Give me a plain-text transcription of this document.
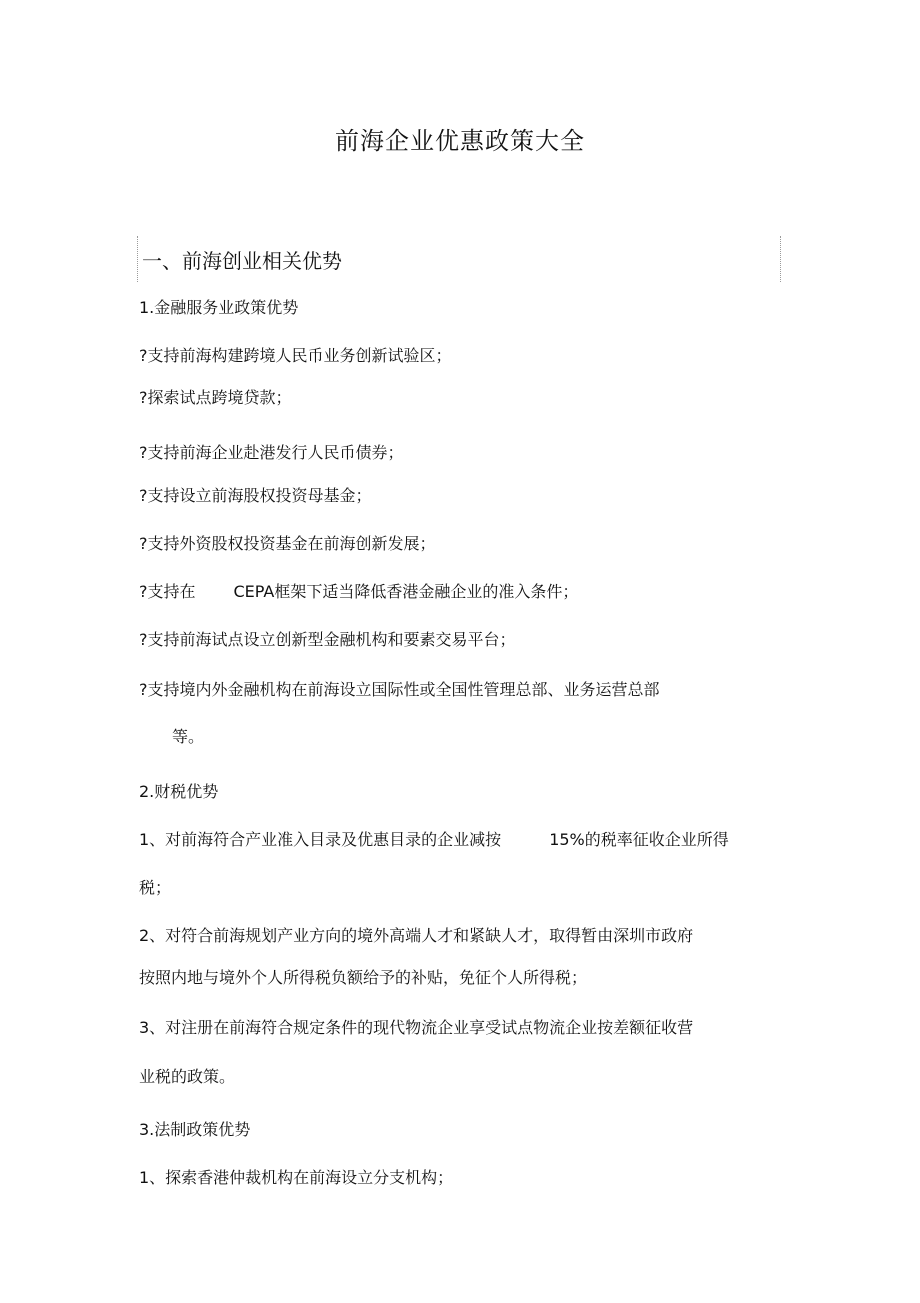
前海企业优惠政策大全
一、前海创业相关优势
1.金融服务业政策优势
?支持前海构建跨境人民币业务创新试验区；
?探索试点跨境贷款；
?支持前海企业赴港发行人民币债券；
?支持设立前海股权投资母基金；
?支持外资股权投资基金在前海创新发展；
?支持在 CEPA框架下适当降低香港金融企业的准入条件；
?支持前海试点设立创新型金融机构和要素交易平台；
?支持境内外金融机构在前海设立国际性或全国性管理总部、业务运营总部
等。
2.财税优势
1、对前海符合产业准入目录及优惠目录的企业减按	15%的税率征收企业所得
税；
2、对符合前海规划产业方向的境外高端人才和紧缺人才，取得暂由深圳市政府
按照内地与境外个人所得税负额给予的补贴，免征个人所得税；
3、对注册在前海符合规定条件的现代物流企业享受试点物流企业按差额征收营
业税的政策。
3.法制政策优势
1、探索香港仲裁机构在前海设立分支机构；
